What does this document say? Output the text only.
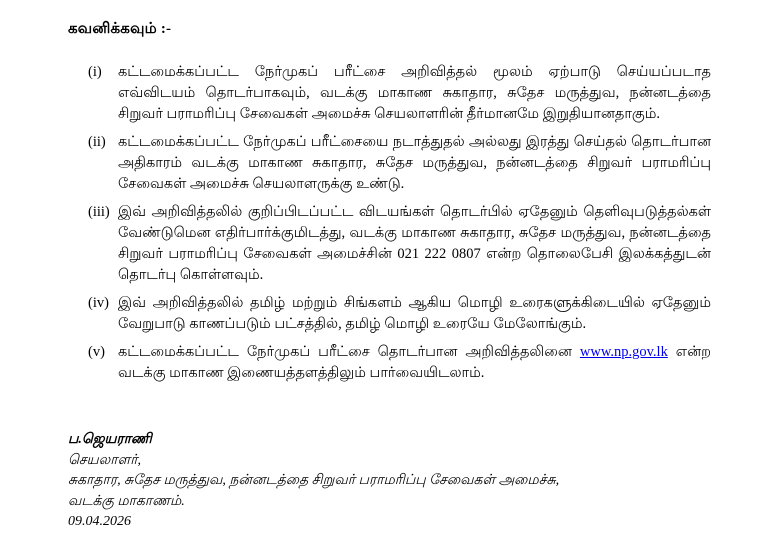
கவனிக்கவும் :-
(i)	கட்டமைக்கப்பட்ட நேர்முகப் பரீட்சை அறிவித்தல் மூலம் ஏற்பாடு செய்யப்படாத எவ்விடயம் தொடர்பாகவும், வடக்கு மாகாண சுகாதார, சுதேச மருத்துவ, நன்னடத்தை சிறுவர் பராமரிப்பு சேவைகள் அமைச்சு செயலாளரின் தீர்மானமே இறுதியானதாகும்.
(ii) கட்டமைக்கப்பட்ட நேர்முகப் பரீட்சையை நடாத்துதல் அல்லது இரத்து செய்தல் தொடர்பான அதிகாரம் வடக்கு மாகாண சுகாதார, சுதேச மருத்துவ, நன்னடத்தை சிறுவர் பராமரிப்பு சேவைகள் அமைச்சு செயலாளருக்கு உண்டு.
(iii) இவ் அறிவித்தலில் குறிப்பிடப்பட்ட விடயங்கள் தொடர்பில் ஏதேனும் தெளிவுபடுத்தல்கள் வேண்டுமென எதிர்பார்க்குமிடத்து, வடக்கு மாகாண சுகாதார, சுதேச மருத்துவ, நன்னடத்தை சிறுவர் பராமரிப்பு சேவைகள் அமைச்சின் 021 222 0807 என்ற தொலைபேசி இலக்கத்துடன் தொடர்பு கொள்ளவும்.
(iv) இவ் அறிவித்தலில் தமிழ் மற்றும் சிங்களம் ஆகிய மொழி உரைகளுக்கிடையில் ஏதேனும் வேறுபாடு காணப்படும் பட்சத்தில், தமிழ் மொழி உரையே மேலோங்கும்.
(v) கட்டமைக்கப்பட்ட நேர்முகப் பரீட்சை தொடர்பான அறிவித்தலினை www.np.gov.lk என்ற வடக்கு மாகாண இணையத்தளத்திலும் பார்வையிடலாம்.
ப.ஜெயராணி
செயலாளர்,
சுகாதார, சுதேச மருத்துவ, நன்னடத்தை சிறுவர் பராமரிப்பு சேவைகள் அமைச்சு,
வடக்கு மாகாணம்.
09.04.2026
